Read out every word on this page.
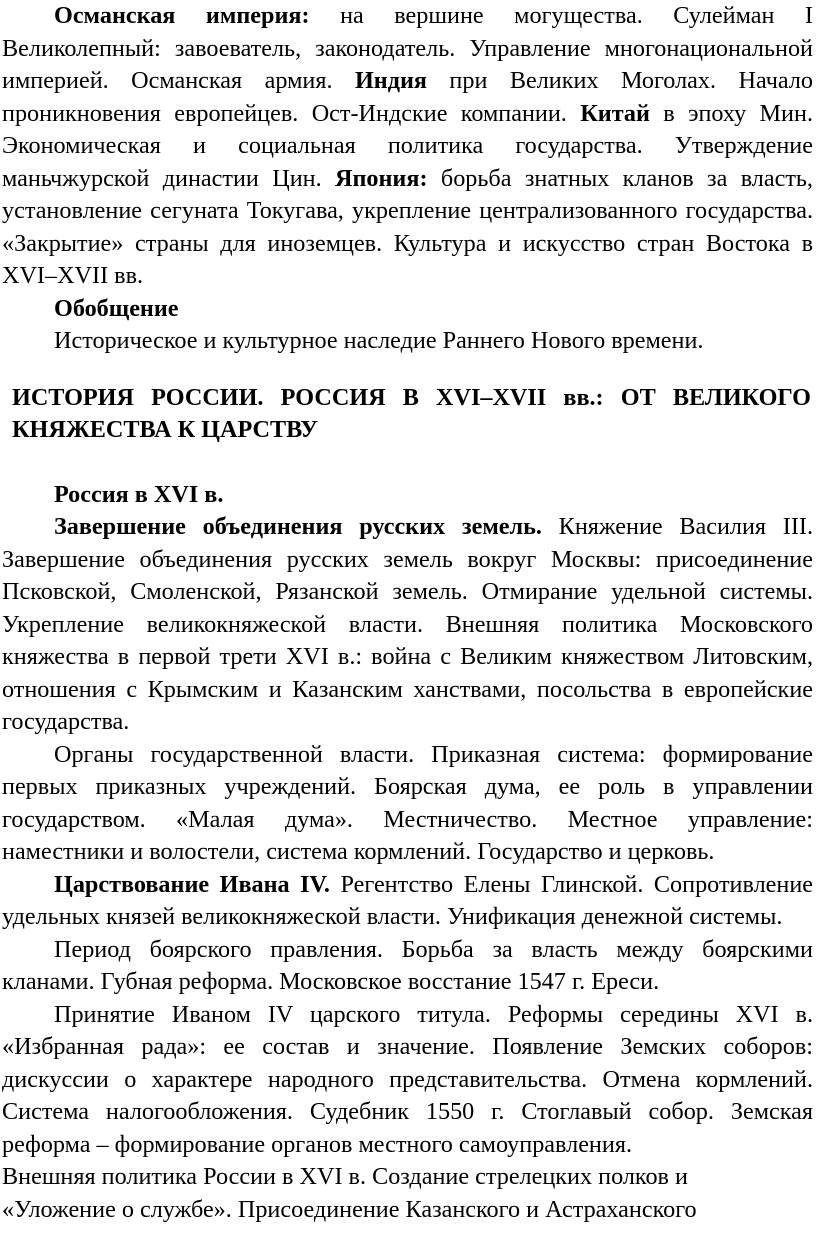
Османская империя: на вершине могущества. Сулейман I Великолепный: завоеватель, законодатель. Управление многонациональной империей. Османская армия. Индия при Великих Моголах. Начало проникновения европейцев. Ост-Индские компании. Китай в эпоху Мин. Экономическая и социальная политика государства. Утверждение маньчжурской династии Цин. Япония: борьба знатных кланов за власть, установление сегуната Токугава, укрепление централизованного государства. «Закрытие» страны для иноземцев. Культура и искусство стран Востока в XVI–XVII вв.

Обобщение

Историческое и культурное наследие Раннего Нового времени.

ИСТОРИЯ РОССИИ. РОССИЯ В XVI–XVII вв.: ОТ ВЕЛИКОГО КНЯЖЕСТВА К ЦАРСТВУ

Россия в XVI в.

Завершение объединения русских земель. Княжение Василия III. Завершение объединения русских земель вокруг Москвы: присоединение Псковской, Смоленской, Рязанской земель. Отмирание удельной системы. Укрепление великокняжеской власти. Внешняя политика Московского княжества в первой трети XVI в.: война с Великим княжеством Литовским, отношения с Крымским и Казанским ханствами, посольства в европейские государства.

Органы государственной власти. Приказная система: формирование первых приказных учреждений. Боярская дума, ее роль в управлении государством. «Малая дума». Местничество. Местное управление: наместники и волостели, система кормлений. Государство и церковь.

Царствование Ивана IV. Регентство Елены Глинской. Сопротивление удельных князей великокняжеской власти. Унификация денежной системы.

Период боярского правления. Борьба за власть между боярскими кланами. Губная реформа. Московское восстание 1547 г. Ереси.

Принятие Иваном IV царского титула. Реформы середины XVI в. «Избранная рада»: ее состав и значение. Появление Земских соборов: дискуссии о характере народного представительства. Отмена кормлений. Система налогообложения. Судебник 1550 г. Стоглавый собор. Земская реформа – формирование органов местного самоуправления.

Внешняя политика России в XVI в. Создание стрелецких полков и

«Уложение о службе». Присоединение Казанского и Астраханского
